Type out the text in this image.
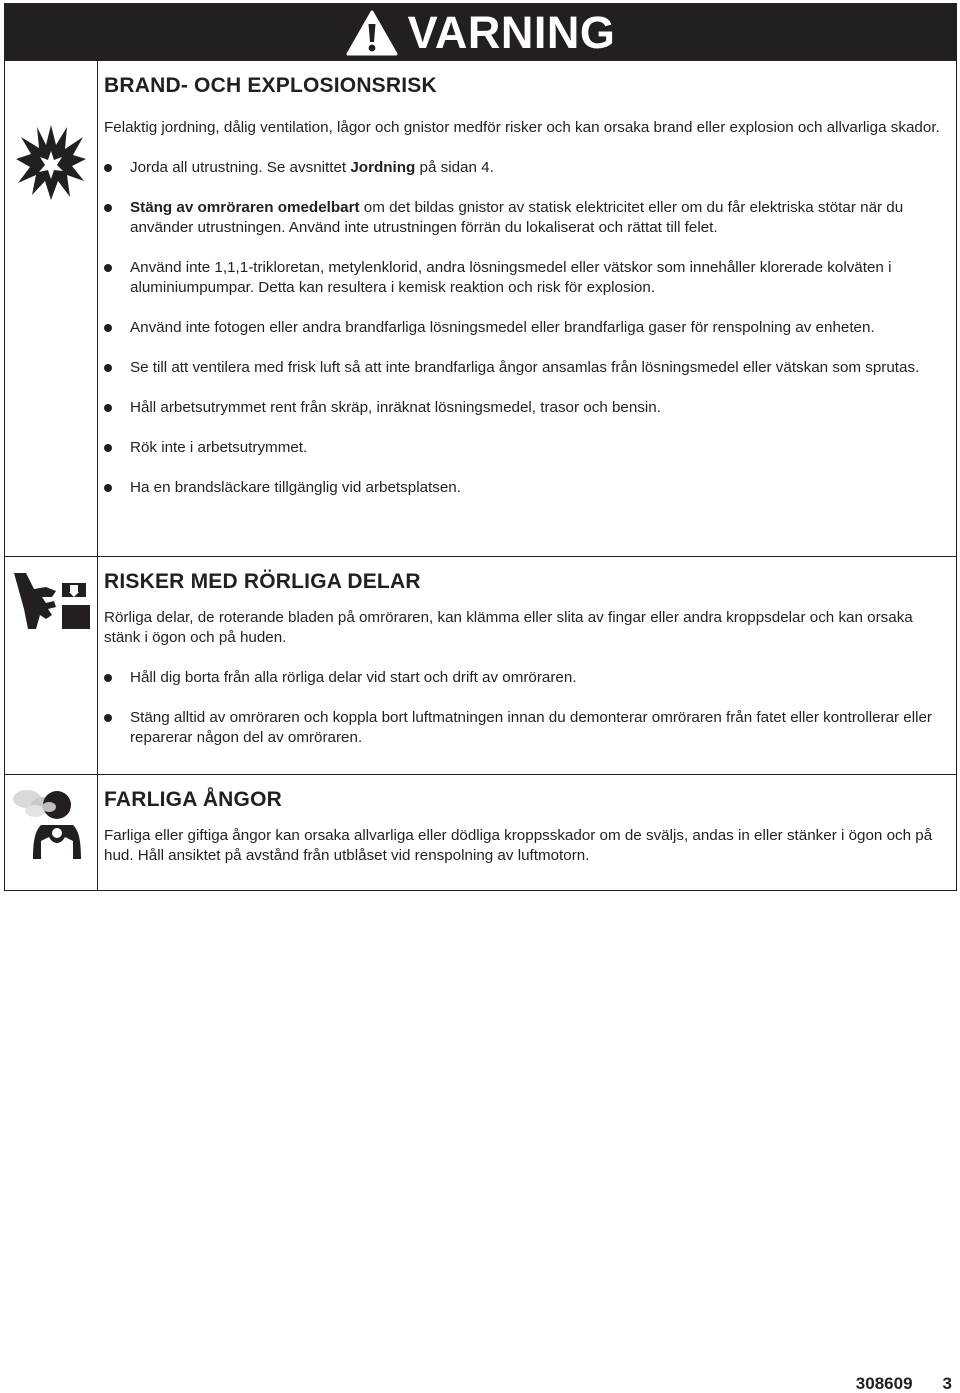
VARNING
BRAND- OCH EXPLOSIONSRISK
Felaktig jordning, dålig ventilation, lågor och gnistor medför risker och kan orsaka brand eller explosion och allvarliga skador.
Jorda all utrustning. Se avsnittet Jordning på sidan 4.
Stäng av omröraren omedelbart om det bildas gnistor av statisk elektricitet eller om du får elektriska stötar när du använder utrustningen. Använd inte utrustningen förrän du lokaliserat och rättat till felet.
Använd inte 1,1,1-trikloretan, metylenklorid, andra lösningsmedel eller vätskor som innehåller klorerade kolväten i aluminiumpumpar. Detta kan resultera i kemisk reaktion och risk för explosion.
Använd inte fotogen eller andra brandfarliga lösningsmedel eller brandfarliga gaser för renspolning av enheten.
Se till att ventilera med frisk luft så att inte brandfarliga ångor ansamlas från lösningsmedel eller vätskan som sprutas.
Håll arbetsutrymmet rent från skräp, inräknat lösningsmedel, trasor och bensin.
Rök inte i arbetsutrymmet.
Ha en brandsläckare tillgänglig vid arbetsplatsen.
RISKER MED RÖRLIGA DELAR
Rörliga delar, de roterande bladen på omröraren, kan klämma eller slita av fingar eller andra kroppsdelar och kan orsaka stänk i ögon och på huden.
Håll dig borta från alla rörliga delar vid start och drift av omröraren.
Stäng alltid av omröraren och koppla bort luftmatningen innan du demonterar omröraren från fatet eller kontrollerar eller reparerar någon del av omröraren.
FARLIGA ÅNGOR
Farliga eller giftiga ångor kan orsaka allvarliga eller dödliga kroppsskador om de sväljs, andas in eller stänker i ögon och på hud. Håll ansiktet på avstånd från utblåset vid renspolning av luftmotorn.
308609 3
